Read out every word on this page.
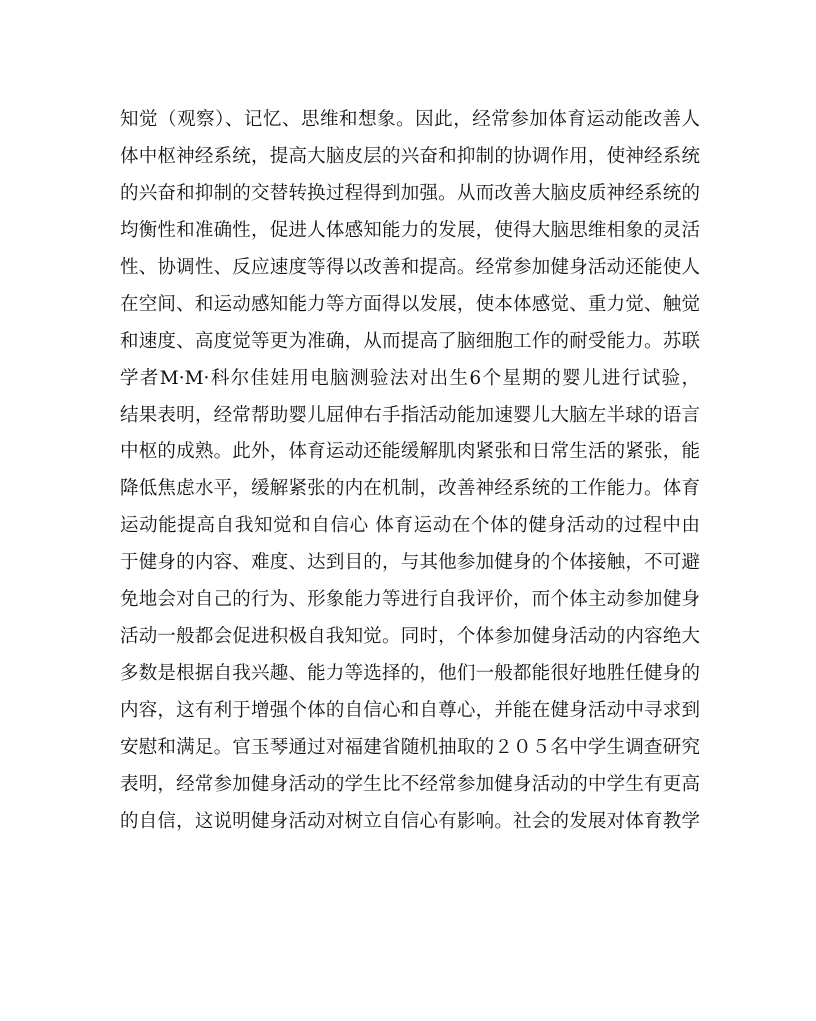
知觉（观察）、记忆、思维和想象。因此，经常参加体育运动能改善人
体中枢神经系统，提高大脑皮层的兴奋和抑制的协调作用，使神经系统
的兴奋和抑制的交替转换过程得到加强。从而改善大脑皮质神经系统的
均衡性和准确性，促进人体感知能力的发展，使得大脑思维相象的灵活
性、协调性、反应速度等得以改善和提高。经常参加健身活动还能使人
在空间、和运动感知能力等方面得以发展，使本体感觉、重力觉、触觉
和速度、高度觉等更为准确，从而提高了脑细胞工作的耐受能力。苏联
学者M·M·科尔佳娃用电脑测验法对出生6个星期的婴儿进行试验，
结果表明，经常帮助婴儿屈伸右手指活动能加速婴儿大脑左半球的语言
中枢的成熟。此外，体育运动还能缓解肌肉紧张和日常生活的紧张，能
降低焦虑水平，缓解紧张的内在机制，改善神经系统的工作能力。体育
运动能提高自我知觉和自信心 体育运动在个体的健身活动的过程中由
于健身的内容、难度、达到目的，与其他参加健身的个体接触，不可避
免地会对自己的行为、形象能力等进行自我评价，而个体主动参加健身
活动一般都会促进积极自我知觉。同时，个体参加健身活动的内容绝大
多数是根据自我兴趣、能力等选择的，他们一般都能很好地胜任健身的
内容，这有利于增强个体的自信心和自尊心，并能在健身活动中寻求到
安慰和满足。官玉琴通过对福建省随机抽取的２０５名中学生调查研究
表明，经常参加健身活动的学生比不经常参加健身活动的中学生有更高
的自信，这说明健身活动对树立自信心有影响。社会的发展对体育教学
